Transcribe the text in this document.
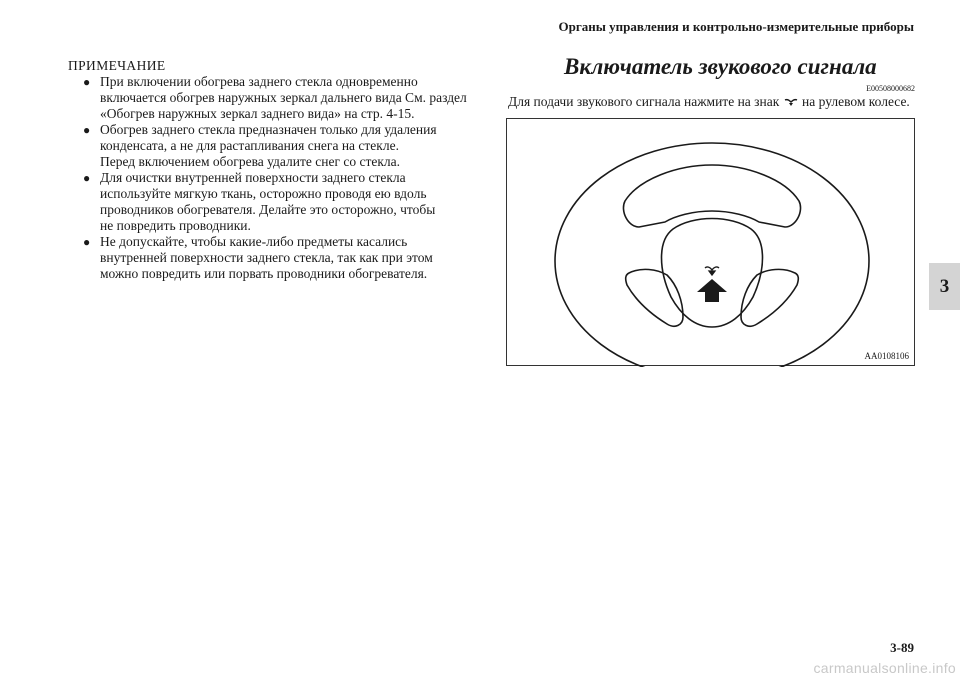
Органы управления и контрольно-измерительные приборы
3
ПРИМЕЧАНИЕ
● При включении обогрева заднего стекла одновременно
включается обогрев наружных зеркал дальнего вида См. раздел
«Обогрев наружных зеркал заднего вида» на стр. 4-15.
● Обогрев заднего стекла предназначен только для удаления
конденсата, а не для растапливания снега на стекле.
Перед включением обогрева удалите снег со стекла.
● Для очистки внутренней поверхности заднего стекла
используйте мягкую ткань, осторожно проводя ею вдоль
проводников обогревателя. Делайте это осторожно, чтобы
не повредить проводники.
● Не допускайте, чтобы какие-либо предметы касались
внутренней поверхности заднего стекла, так как при этом
можно повредить или порвать проводники обогревателя.
Включатель звукового сигнала
E00508000682
Для подачи звукового сигнала нажмите на знак на рулевом колесе.
AA0108106
3-89
carmanualsonline.info
